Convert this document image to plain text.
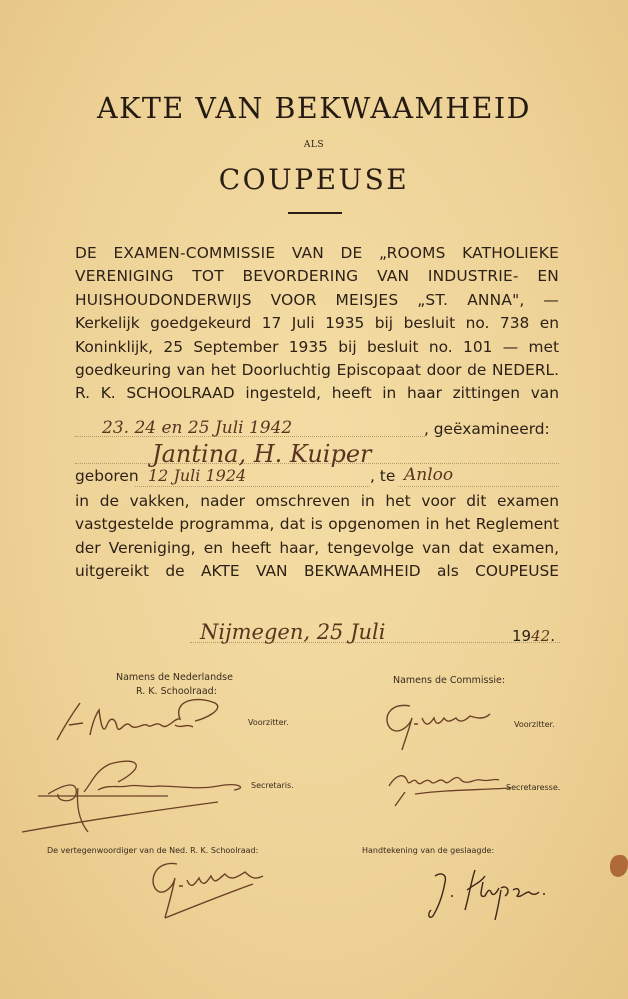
AKTE VAN BEKWAAMHEID
ALS
COUPEUSE
DE EXAMEN-COMMISSIE VAN DE „ROOMS KATHOLIEKE
VERENIGING TOT BEVORDERING VAN INDUSTRIE- EN
HUISHOUDONDERWIJS VOOR MEISJES „ST. ANNA", —
Kerkelijk goedgekeurd 17 Juli 1935 bij besluit no. 738 en
Koninklijk, 25 September 1935 bij besluit no. 101 — met
goedkeuring van het Doorluchtig Episcopaat door de NEDERL.
R. K. SCHOOLRAAD ingesteld, heeft in haar zittingen van
23. 24 en 25 Juli 1942	, geëxamineerd:
Jantina, H. Kuiper
geboren 12 Juli 1924	, te Anloo
in de vakken, nader omschreven in het voor dit examen
vastgestelde programma, dat is opgenomen in het Reglement
der Vereniging, en heeft haar, tengevolge van dat examen,
uitgereikt de AKTE VAN BEKWAAMHEID als COUPEUSE
Nijmegen, 25 Juli	1942.
Namens de Nederlandse
R. K. Schoolraad:
Namens de Commissie:
Voorzitter.	Voorzitter.
Secretaris.	Secretaresse.
De vertegenwoordiger van de Ned. R. K. Schoolraad:	Handtekening van de geslaagde:
